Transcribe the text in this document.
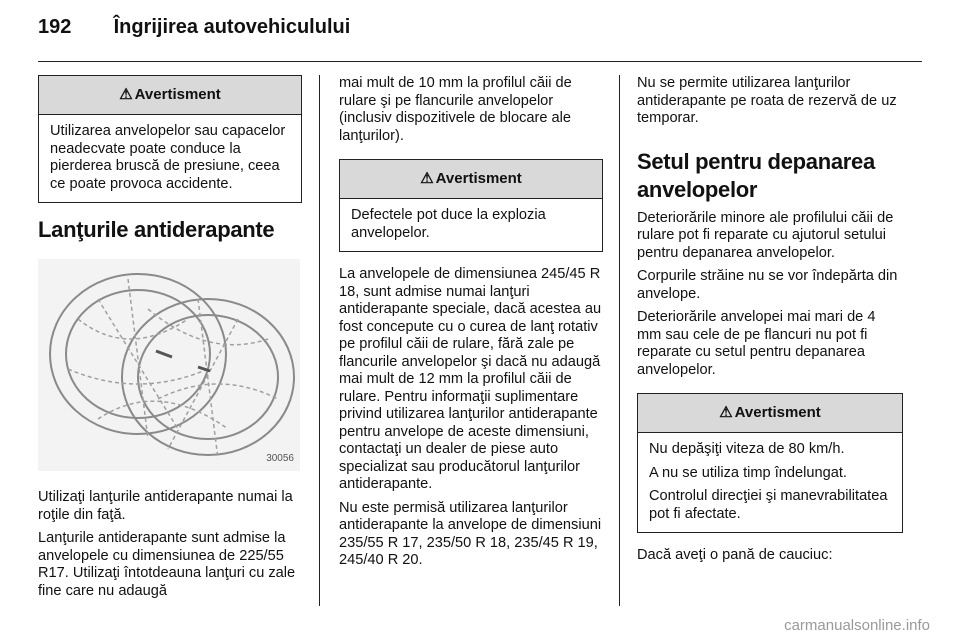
192 Îngrijirea autovehiculului
⚠ Avertisment

Utilizarea anvelopelor sau capacelor neadecvate poate conduce la pierderea bruscă de presiune, ceea ce poate provoca accidente.

Lanţurile antiderapante
30056

Utilizaţi lanţurile antiderapante numai la roţile din faţă.

Lanţurile antiderapante sunt admise la anvelopele cu dimensiunea de 225/55 R17. Utilizaţi întotdeauna lanţuri cu zale fine care nu adaugă

mai mult de 10 mm la profilul căii de rulare şi pe flancurile anvelopelor (inclusiv dispozitivele de blocare ale lanţurilor).

⚠ Avertisment

Defectele pot duce la explozia anvelopelor.

La anvelopele de dimensiunea 245/45 R 18, sunt admise numai lanţuri antiderapante speciale, dacă acestea au fost concepute cu o curea de lanţ rotativ pe profilul căii de rulare, fără zale pe flancurile anvelopelor şi dacă nu adaugă mai mult de 12 mm la profilul căii de rulare. Pentru informaţii suplimentare privind utilizarea lanţurilor antiderapante pentru anvelope de aceste dimensiuni, contactaţi un dealer de piese auto specializat sau producătorul lanţurilor antiderapante.

Nu este permisă utilizarea lanţurilor antiderapante la anvelope de dimensiuni 235/55 R 17, 235/50 R 18, 235/45 R 19, 245/40 R 20.

Nu se permite utilizarea lanţurilor antiderapante pe roata de rezervă de uz temporar.

Setul pentru depanarea anvelopelor

Deteriorările minore ale profilului căii de rulare pot fi reparate cu ajutorul setului pentru depanarea anvelopelor.

Corpurile străine nu se vor îndepărta din anvelope.

Deteriorările anvelopei mai mari de 4 mm sau cele de pe flancuri nu pot fi reparate cu setul pentru depanarea anvelopelor.

⚠ Avertisment

Nu depăşiţi viteza de 80 km/h.

A nu se utiliza timp îndelungat.

Controlul direcţiei şi manevrabilitatea pot fi afectate.

Dacă aveţi o pană de cauciuc:

carmanualsonline.info
